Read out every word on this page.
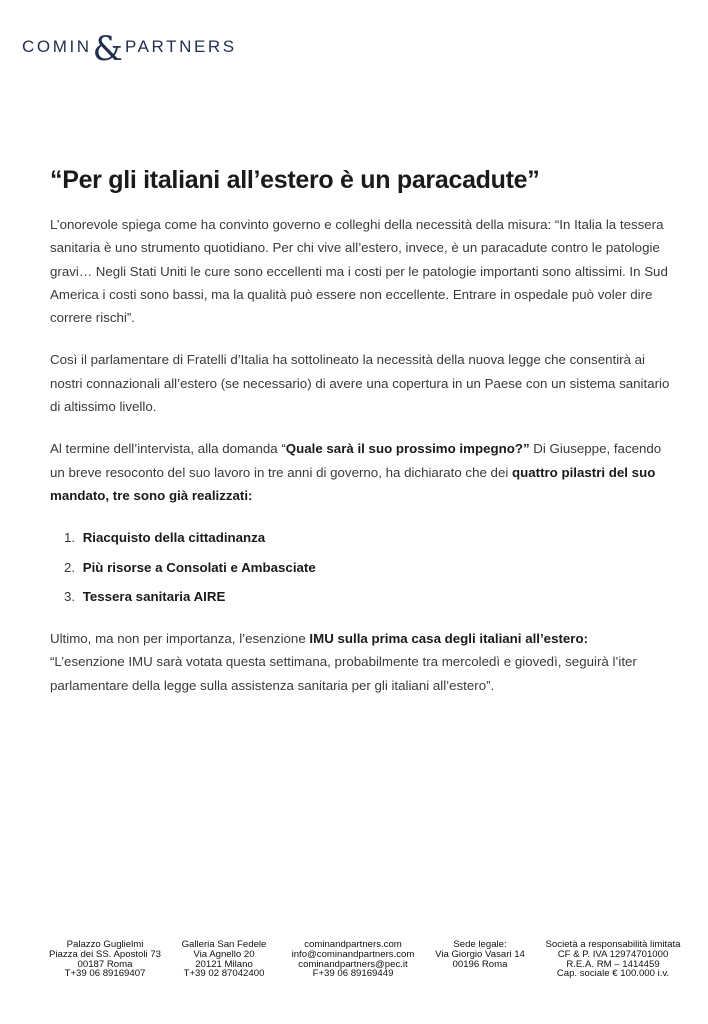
COMIN & PARTNERS
“Per gli italiani all’estero è un paracadute”

L’onorevole spiega come ha convinto governo e colleghi della necessità della misura: “In Italia la tessera sanitaria è uno strumento quotidiano. Per chi vive all’estero, invece, è un paracadute contro le patologie gravi… Negli Stati Uniti le cure sono eccellenti ma i costi per le patologie importanti sono altissimi. In Sud America i costi sono bassi, ma la qualità può essere non eccellente. Entrare in ospedale può voler dire correre rischi”.

Così il parlamentare di Fratelli d’Italia ha sottolineato la necessità della nuova legge che consentirà ai nostri connazionali all’estero (se necessario) di avere una copertura in un Paese con un sistema sanitario di altissimo livello.

Al termine dell’intervista, alla domanda “Quale sarà il suo prossimo impegno?” Di Giuseppe, facendo un breve resoconto del suo lavoro in tre anni di governo, ha dichiarato che dei quattro pilastri del suo mandato, tre sono già realizzati:

1. Riacquisto della cittadinanza
2. Più risorse a Consolati e Ambasciate
3. Tessera sanitaria AIRE

Ultimo, ma non per importanza, l’esenzione IMU sulla prima casa degli italiani all’estero:
“L’esenzione IMU sarà votata questa settimana, probabilmente tra mercoledì e giovedì, seguirà l’iter parlamentare della legge sulla assistenza sanitaria per gli italiani all’estero”.

Palazzo Guglielmi
Piazza dei SS. Apostoli 73
00187 Roma
T+39 06 89169407
Galleria San Fedele
Via Agnello 20
20121 Milano
T+39 02 87042400
cominandpartners.com
info@cominandpartners.com
cominandpartners@pec.it
F+39 06 89169449
Sede legale:
Via Giorgio Vasari 14
00196 Roma
Società a responsabilità limitata
CF & P. IVA 12974701000
R.E.A. RM – 1414459
Cap. sociale € 100.000 i.v.
